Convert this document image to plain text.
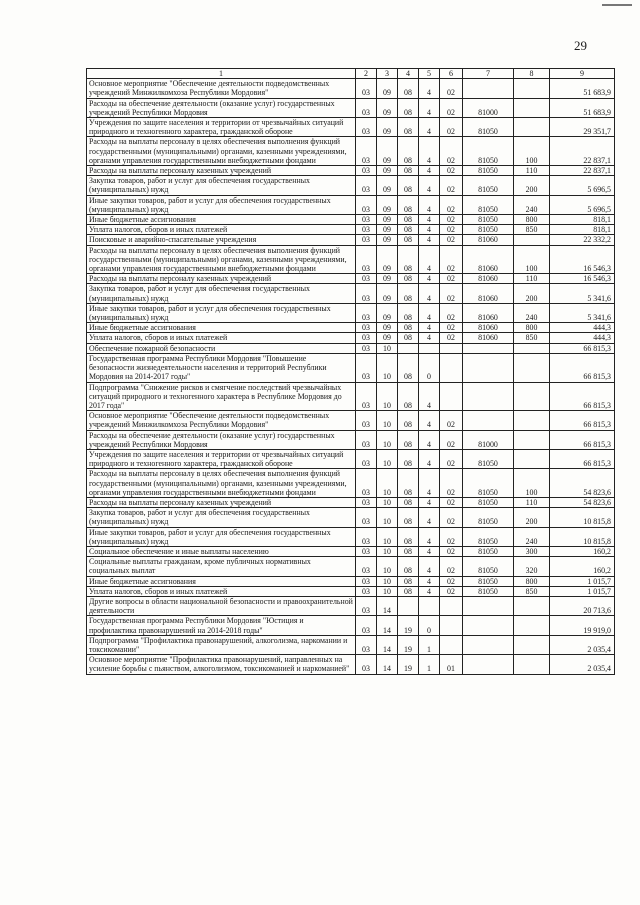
29
1	2	3	4	5	6	7	8	9
Основное мероприятие "Обеспечение деятельности подведомственных учреждений Минжилкомхоза Республики Мордовия"	03	09	08	4	02			51 683,9
Расходы на обеспечение деятельности (оказание услуг) государственных учреждений Республики Мордовия	03	09	08	4	02	81000		51 683,9
Учреждения по защите населения и территории от чрезвычайных ситуаций природного и техногенного характера, гражданской обороне	03	09	08	4	02	81050		29 351,7
Расходы на выплаты персоналу в целях обеспечения выполнения функций государственными (муниципальными) органами, казенными учреждениями, органами управления государственными внебюджетными фондами	03	09	08	4	02	81050	100	22 837,1
Расходы на выплаты персоналу казенных учреждений	03	09	08	4	02	81050	110	22 837,1
Закупка товаров, работ и услуг для обеспечения государственных (муниципальных) нужд	03	09	08	4	02	81050	200	5 696,5
Иные закупки товаров, работ и услуг для обеспечения государственных (муниципальных) нужд	03	09	08	4	02	81050	240	5 696,5
Иные бюджетные ассигнования	03	09	08	4	02	81050	800	818,1
Уплата налогов, сборов и иных платежей	03	09	08	4	02	81050	850	818,1
Поисковые и аварийно-спасательные учреждения	03	09	08	4	02	81060		22 332,2
Расходы на выплаты персоналу в целях обеспечения выполнения функций государственными (муниципальными) органами, казенными учреждениями, органами управления государственными внебюджетными фондами	03	09	08	4	02	81060	100	16 546,3
Расходы на выплаты персоналу казенных учреждений	03	09	08	4	02	81060	110	16 546,3
Закупка товаров, работ и услуг для обеспечения государственных (муниципальных) нужд	03	09	08	4	02	81060	200	5 341,6
Иные закупки товаров, работ и услуг для обеспечения государственных (муниципальных) нужд	03	09	08	4	02	81060	240	5 341,6
Иные бюджетные ассигнования	03	09	08	4	02	81060	800	444,3
Уплата налогов, сборов и иных платежей	03	09	08	4	02	81060	850	444,3
Обеспечение пожарной безопасности	03	10						66 815,3
Государственная программа Республики Мордовия "Повышение безопасности жизнедеятельности населения и территорий Республики Мордовия на 2014-2017 годы"	03	10	08	0				66 815,3
Подпрограмма "Снижение рисков и смягчение последствий чрезвычайных ситуаций природного и техногенного характера в Республике Мордовия до 2017 года"	03	10	08	4				66 815,3
Основное мероприятие "Обеспечение деятельности подведомственных учреждений Минжилкомхоза Республики Мордовия"	03	10	08	4	02			66 815,3
Расходы на обеспечение деятельности (оказание услуг) государственных учреждений Республики Мордовия	03	10	08	4	02	81000		66 815,3
Учреждения по защите населения и территории от чрезвычайных ситуаций природного и техногенного характера, гражданской обороне	03	10	08	4	02	81050		66 815,3
Расходы на выплаты персоналу в целях обеспечения выполнения функций государственными (муниципальными) органами, казенными учреждениями, органами управления государственными внебюджетными фондами	03	10	08	4	02	81050	100	54 823,6
Расходы на выплаты персоналу казенных учреждений	03	10	08	4	02	81050	110	54 823,6
Закупка товаров, работ и услуг для обеспечения государственных (муниципальных) нужд	03	10	08	4	02	81050	200	10 815,8
Иные закупки товаров, работ и услуг для обеспечения государственных (муниципальных) нужд	03	10	08	4	02	81050	240	10 815,8
Социальное обеспечение и иные выплаты населению	03	10	08	4	02	81050	300	160,2
Социальные выплаты гражданам, кроме публичных нормативных социальных выплат	03	10	08	4	02	81050	320	160,2
Иные бюджетные ассигнования	03	10	08	4	02	81050	800	1 015,7
Уплата налогов, сборов и иных платежей	03	10	08	4	02	81050	850	1 015,7
Другие вопросы в области национальной безопасности и правоохранительной деятельности	03	14						20 713,6
Государственная программа Республики Мордовия "Юстиция и профилактика правонарушений на 2014-2018 годы"	03	14	19	0				19 919,0
Подпрограмма "Профилактика правонарушений, алкоголизма, наркомании и токсикомании"	03	14	19	1				2 035,4
Основное мероприятие "Профилактика правонарушений, направленных на усиление борьбы с пьянством, алкоголизмом, токсикоманией и наркоманией"	03	14	19	1	01			2 035,4
